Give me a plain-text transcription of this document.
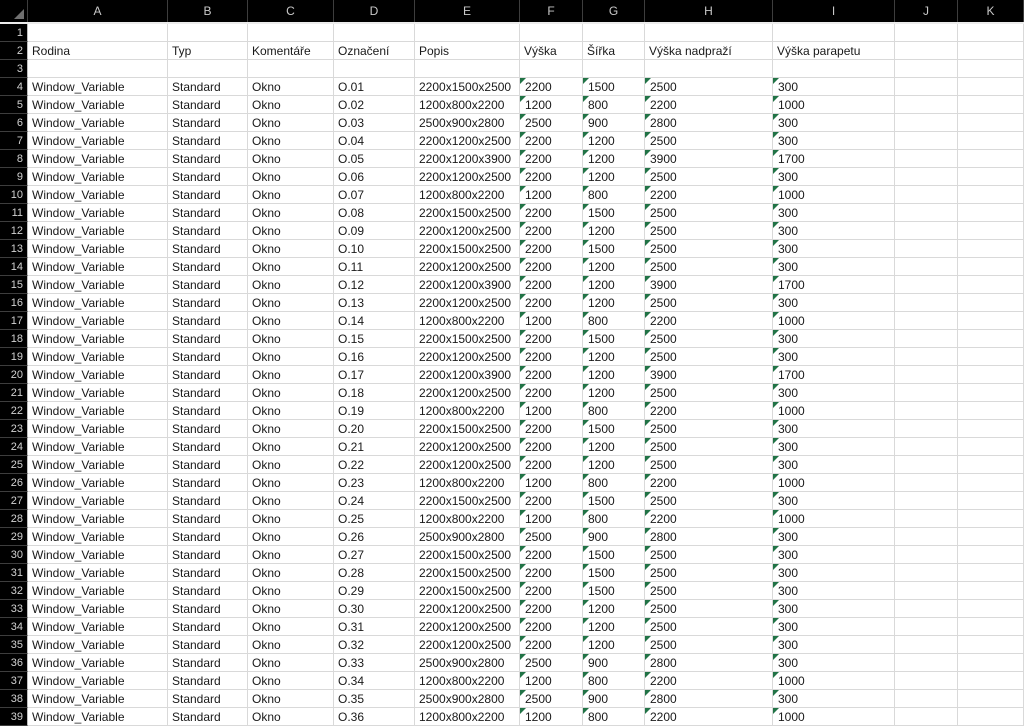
A	B	C	D	E	F	G	H	I	J	K
1
2 Rodina	Typ	Komentáře	Označení	Popis	Výška	Šířka	Výška nadpraží	Výška parapetu
3
4 Window_Variable	Standard	Okno	O.01	2200x1500x2500	2200	1500	2500	300
5 Window_Variable	Standard	Okno	O.02	1200x800x2200	1200	800	2200	1000
6 Window_Variable	Standard	Okno	O.03	2500x900x2800	2500	900	2800	300
7 Window_Variable	Standard	Okno	O.04	2200x1200x2500	2200	1200	2500	300
8 Window_Variable	Standard	Okno	O.05	2200x1200x3900	2200	1200	3900	1700
9 Window_Variable	Standard	Okno	O.06	2200x1200x2500	2200	1200	2500	300
10 Window_Variable	Standard	Okno	O.07	1200x800x2200	1200	800	2200	1000
11 Window_Variable	Standard	Okno	O.08	2200x1500x2500	2200	1500	2500	300
12 Window_Variable	Standard	Okno	O.09	2200x1200x2500	2200	1200	2500	300
13 Window_Variable	Standard	Okno	O.10	2200x1500x2500	2200	1500	2500	300
14 Window_Variable	Standard	Okno	O.11	2200x1200x2500	2200	1200	2500	300
15 Window_Variable	Standard	Okno	O.12	2200x1200x3900	2200	1200	3900	1700
16 Window_Variable	Standard	Okno	O.13	2200x1200x2500	2200	1200	2500	300
17 Window_Variable	Standard	Okno	O.14	1200x800x2200	1200	800	2200	1000
18 Window_Variable	Standard	Okno	O.15	2200x1500x2500	2200	1500	2500	300
19 Window_Variable	Standard	Okno	O.16	2200x1200x2500	2200	1200	2500	300
20 Window_Variable	Standard	Okno	O.17	2200x1200x3900	2200	1200	3900	1700
21 Window_Variable	Standard	Okno	O.18	2200x1200x2500	2200	1200	2500	300
22 Window_Variable	Standard	Okno	O.19	1200x800x2200	1200	800	2200	1000
23 Window_Variable	Standard	Okno	O.20	2200x1500x2500	2200	1500	2500	300
24 Window_Variable	Standard	Okno	O.21	2200x1200x2500	2200	1200	2500	300
25 Window_Variable	Standard	Okno	O.22	2200x1200x2500	2200	1200	2500	300
26 Window_Variable	Standard	Okno	O.23	1200x800x2200	1200	800	2200	1000
27 Window_Variable	Standard	Okno	O.24	2200x1500x2500	2200	1500	2500	300
28 Window_Variable	Standard	Okno	O.25	1200x800x2200	1200	800	2200	1000
29 Window_Variable	Standard	Okno	O.26	2500x900x2800	2500	900	2800	300
30 Window_Variable	Standard	Okno	O.27	2200x1500x2500	2200	1500	2500	300
31 Window_Variable	Standard	Okno	O.28	2200x1500x2500	2200	1500	2500	300
32 Window_Variable	Standard	Okno	O.29	2200x1500x2500	2200	1500	2500	300
33 Window_Variable	Standard	Okno	O.30	2200x1200x2500	2200	1200	2500	300
34 Window_Variable	Standard	Okno	O.31	2200x1200x2500	2200	1200	2500	300
35 Window_Variable	Standard	Okno	O.32	2200x1200x2500	2200	1200	2500	300
36 Window_Variable	Standard	Okno	O.33	2500x900x2800	2500	900	2800	300
37 Window_Variable	Standard	Okno	O.34	1200x800x2200	1200	800	2200	1000
38 Window_Variable	Standard	Okno	O.35	2500x900x2800	2500	900	2800	300
39 Window_Variable	Standard	Okno	O.36	1200x800x2200	1200	800	2200	1000
